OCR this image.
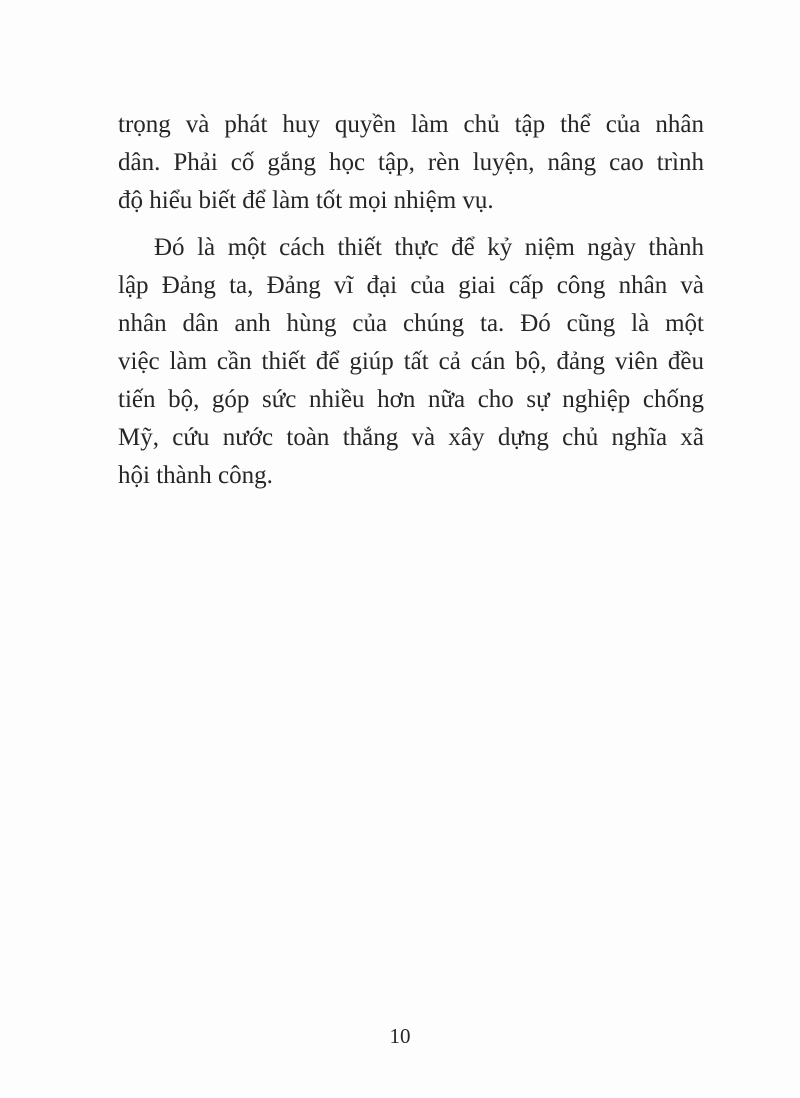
trọng và phát huy quyền làm chủ tập thể của nhân
dân. Phải cố gắng học tập, rèn luyện, nâng cao trình
độ hiểu biết để làm tốt mọi nhiệm vụ.
Đó là một cách thiết thực để kỷ niệm ngày thành
lập Đảng ta, Đảng vĩ đại của giai cấp công nhân và
nhân dân anh hùng của chúng ta. Đó cũng là một
việc làm cần thiết để giúp tất cả cán bộ, đảng viên đều
tiến bộ, góp sức nhiều hơn nữa cho sự nghiệp chống
Mỹ, cứu nước toàn thắng và xây dựng chủ nghĩa xã
hội thành công.
10
